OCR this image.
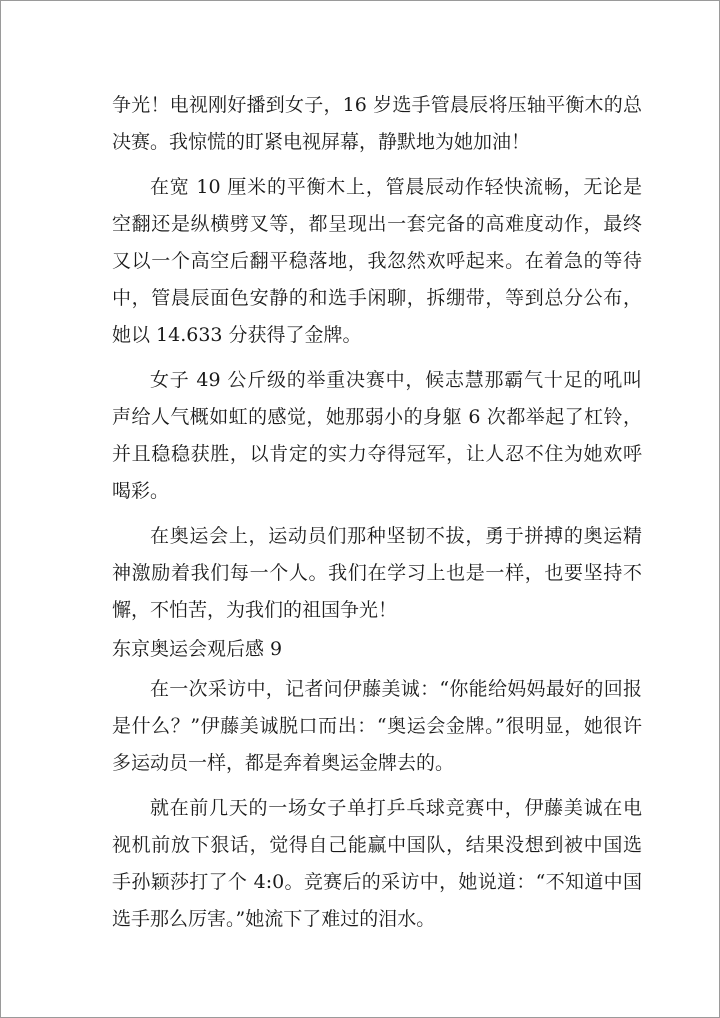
争光！电视刚好播到女子，16 岁选手管晨辰将压轴平衡木的总决赛。我惊慌的盯紧电视屏幕，静默地为她加油！

在宽 10 厘米的平衡木上，管晨辰动作轻快流畅，无论是空翻还是纵横劈叉等，都呈现出一套完备的高难度动作，最终又以一个高空后翻平稳落地，我忽然欢呼起来。在着急的等待中，管晨辰面色安静的和选手闲聊，拆绷带，等到总分公布，她以 14.633 分获得了金牌。

女子 49 公斤级的举重决赛中，候志慧那霸气十足的吼叫声给人气概如虹的感觉，她那弱小的身躯 6 次都举起了杠铃，并且稳稳获胜，以肯定的实力夺得冠军，让人忍不住为她欢呼喝彩。

在奥运会上，运动员们那种坚韧不拔，勇于拼搏的奥运精神激励着我们每一个人。我们在学习上也是一样，也要坚持不懈，不怕苦，为我们的祖国争光！

东京奥运会观后感 9

在一次采访中，记者问伊藤美诚：“你能给妈妈最好的回报是什么？”伊藤美诚脱口而出：“奥运会金牌。”很明显，她很许多运动员一样，都是奔着奥运金牌去的。

就在前几天的一场女子单打乒乓球竞赛中，伊藤美诚在电视机前放下狠话，觉得自己能赢中国队，结果没想到被中国选手孙颖莎打了个 4:0。竞赛后的采访中，她说道：“不知道中国选手那么厉害。”她流下了难过的泪水。
